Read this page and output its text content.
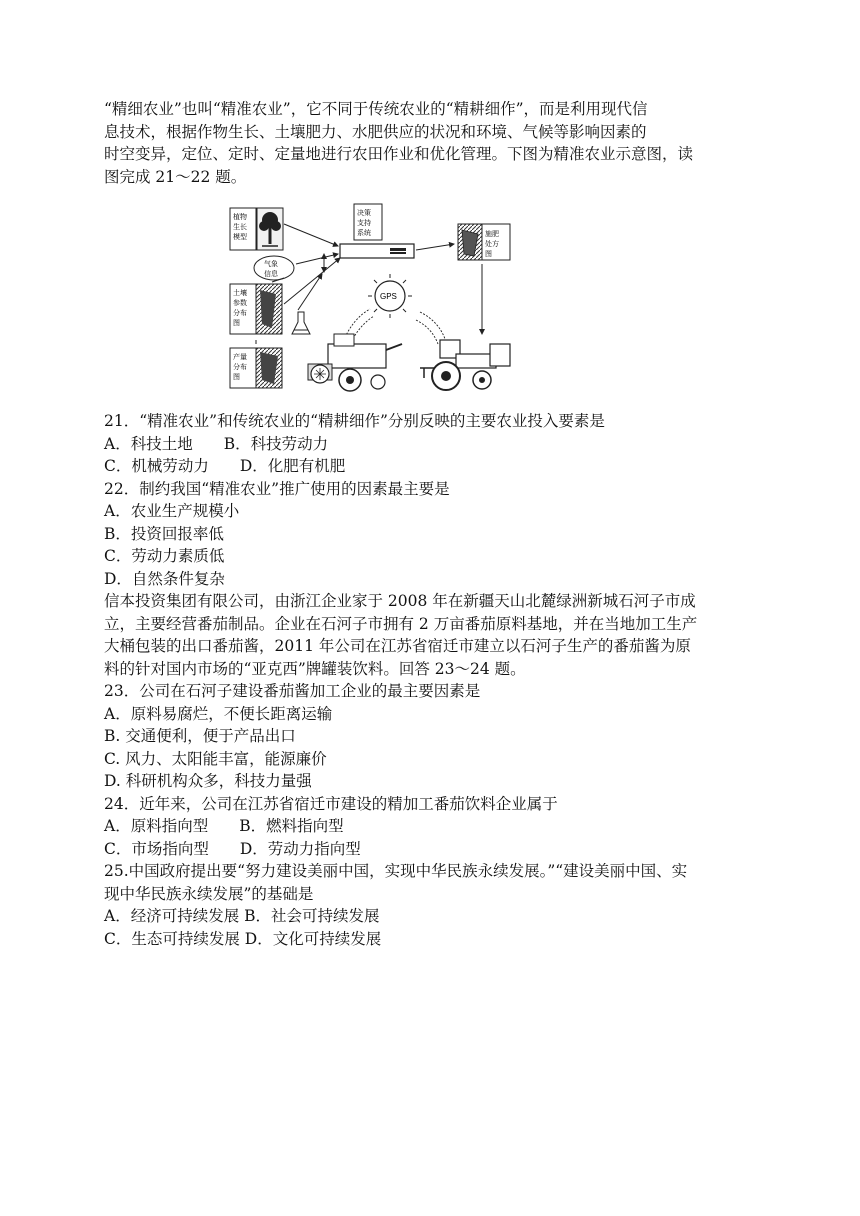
“精细农业”也叫“精准农业”，它不同于传统农业的“精耕细作”，而是利用现代信

息技术，根据作物生长、土壤肥力、水肥供应的状况和环境、气候等影响因素的

时空变异，定位、定时、定量地进行农田作业和优化管理。下图为精准农业示意图，读

图完成 21～22 题。

植物
生长
模型
决策
支持
系统	施肥
处方
图
气象
信息
土壤
参数
分布
图
产量
分布
图
GPS

21．“精准农业”和传统农业的“精耕细作”分别反映的主要农业投入要素是

A．科技土地　　B．科技劳动力

C．机械劳动力　　D．化肥有机肥

22．制约我国“精准农业”推广使用的因素最主要是

A．农业生产规模小

B．投资回报率低

C．劳动力素质低

D．自然条件复杂

信本投资集团有限公司，由浙江企业家于 2008 年在新疆天山北麓绿洲新城石河子市成

立，主要经营番茄制品。企业在石河子市拥有 2 万亩番茄原料基地，并在当地加工生产

大桶包装的出口番茄酱，2011 年公司在江苏省宿迁市建立以石河子生产的番茄酱为原

料的针对国内市场的“亚克西”牌罐装饮料。回答 23～24 题。

23．公司在石河子建设番茄酱加工企业的最主要因素是

A．原料易腐烂，不便长距离运输

B. 交通便利，便于产品出口

C. 风力、太阳能丰富，能源廉价

D. 科研机构众多，科技力量强

24．近年来，公司在江苏省宿迁市建设的精加工番茄饮料企业属于

A．原料指向型　　B．燃料指向型

C．市场指向型　　D．劳动力指向型

25.中国政府提出要“努力建设美丽中国，实现中华民族永续发展。”“建设美丽中国、实

现中华民族永续发展”的基础是

A．经济可持续发展 B．社会可持续发展

C．生态可持续发展 D．文化可持续发展
